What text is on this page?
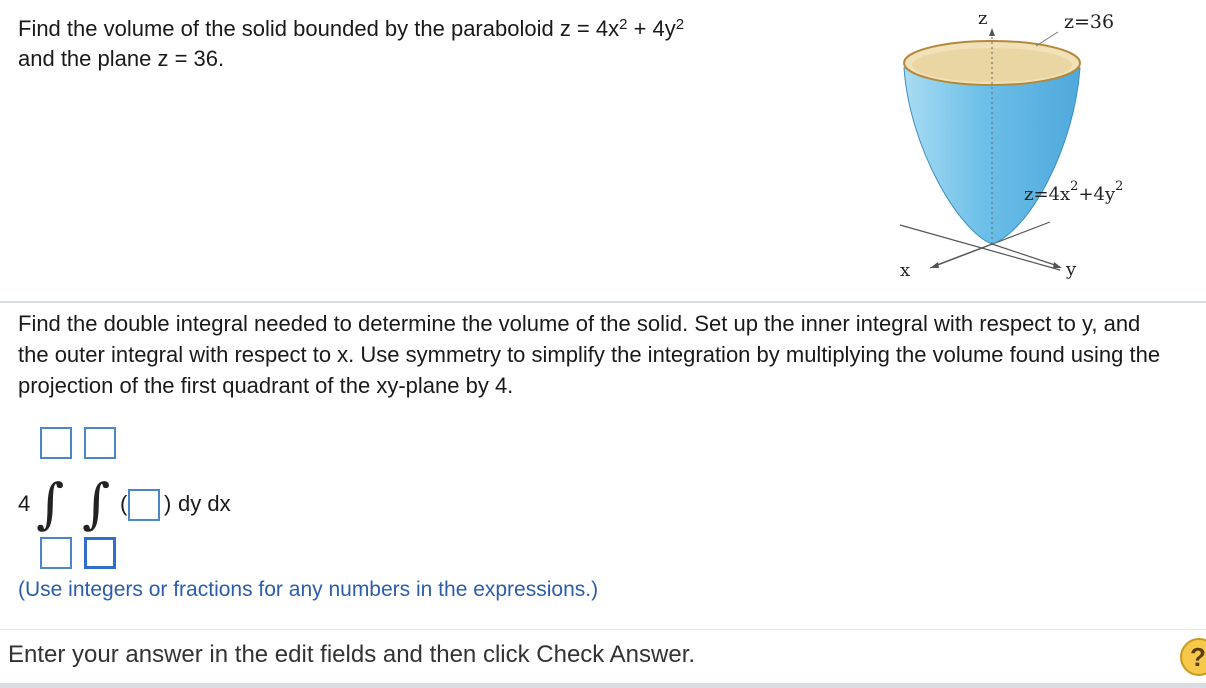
Find the volume of the solid bounded by the paraboloid $z = 4x^2 + 4y^2$
and the plane z = 36.
z	z=36
$z=4x^2+4y^2$
x	y
Find the double integral needed to determine the volume of the solid. Set up the inner integral with respect to y, and the outer integral with respect to x. Use symmetry to simplify the integration by multiplying the volume found using the projection of the first quadrant of the xy-plane by 4.
4 ∫ ∫ ( ) dy dx
(Use integers or fractions for any numbers in the expressions.)
Enter your answer in the edit fields and then click Check Answer.	?
